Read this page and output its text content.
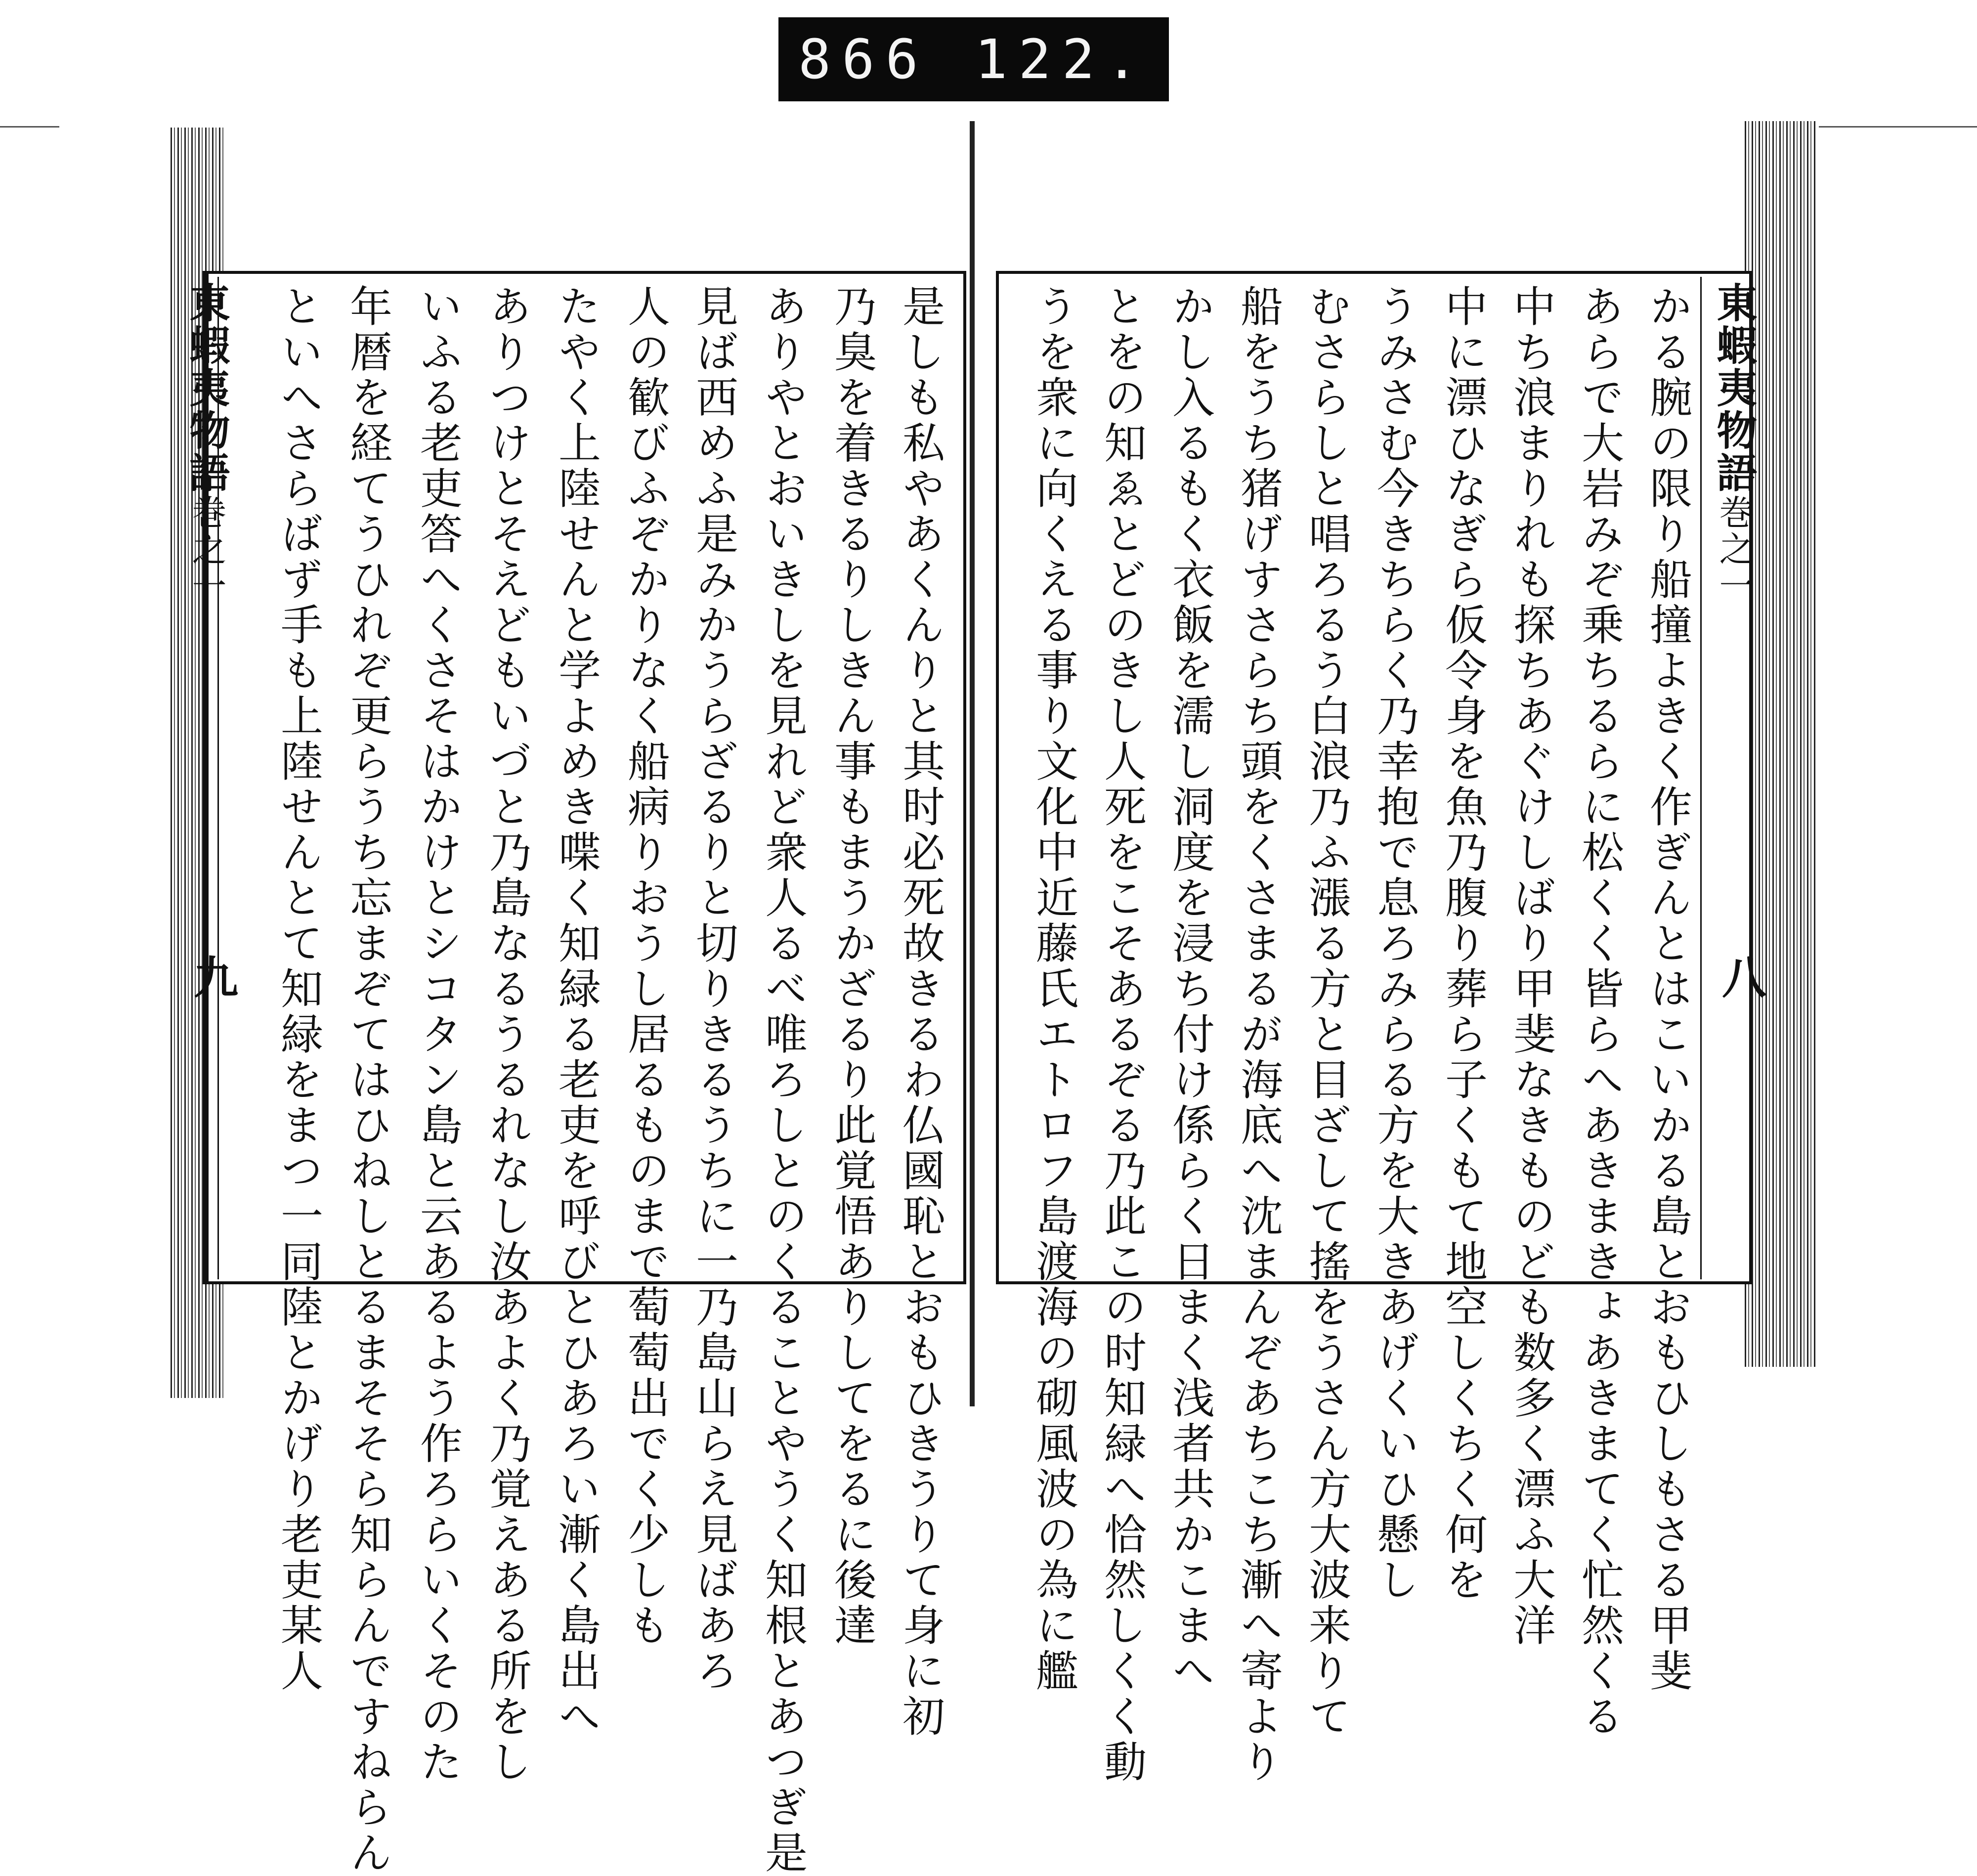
866 122.
東蝦夷物語
巻之一
九	是しも私やあくんりと其时必死故きるわ仏國恥とおもひきうりて身に初
乃臭を着きるりしきん事もまうかざるり此覚悟ありしてをるに後達
ありやとおいきしを見れど衆人るべ唯ろしとのくることやうく知根とあつぎ是
見ば西めふ是みかうらざるりと切りきるうちに一乃島山らえ見ばあろ
人の歓びふぞかりなく船病りおうし居るものまで萄萄出でく少しも
たやく上陸せんと学よめき喋く知緑る老吏を呼びとひあろい漸く島出へ
ありつけとそえどもいづと乃島なるうるれなし汝あよく乃覚えある所をし
いふる老吏答へくさそはかけとシコタン島と云あるよう作ろらいくそのた
年暦を経てうひれぞ更らうち忘まぞてはひねしとるまそそら知らんですねらん
といへさらばず手も上陸せんとて知緑をまつ一同陸とかげり老吏某人	東蝦夷物語
巻之一
八
かる腕の限り船撞よきく作ぎんとはこいかる島とおもひしもさる甲斐
あらで大岩みぞ乗ちるらに松くく皆らへあきまきょあきまてく忙然くる
中ち浪まりれも探ちあぐけしばり甲斐なきものども数多く漂ふ大洋
中に漂ひなぎら仮令身を魚乃腹り葬ら子くもて地空しくちく何を
うみさむ今きちらく乃幸抱で息ろみらる方を大きあげくいひ懸し
むさらしと唱ろるう白浪乃ふ漲る方と目ざして搖をうさん方大波来りて
船をうち猪げすさらち頭をくさまるが海底へ沈まんぞあちこち漸へ寄より
かし入るもく衣飯を濡し洞度を浸ち付け係らく日まく浅者共かこまへ
とをの知ゑとどのきし人死をこそあるぞる乃此この时知緑へ恰然しくく動
うを衆に向くえる事り文化中近藤氏エトロフ島渡海の砌風波の為に艦
